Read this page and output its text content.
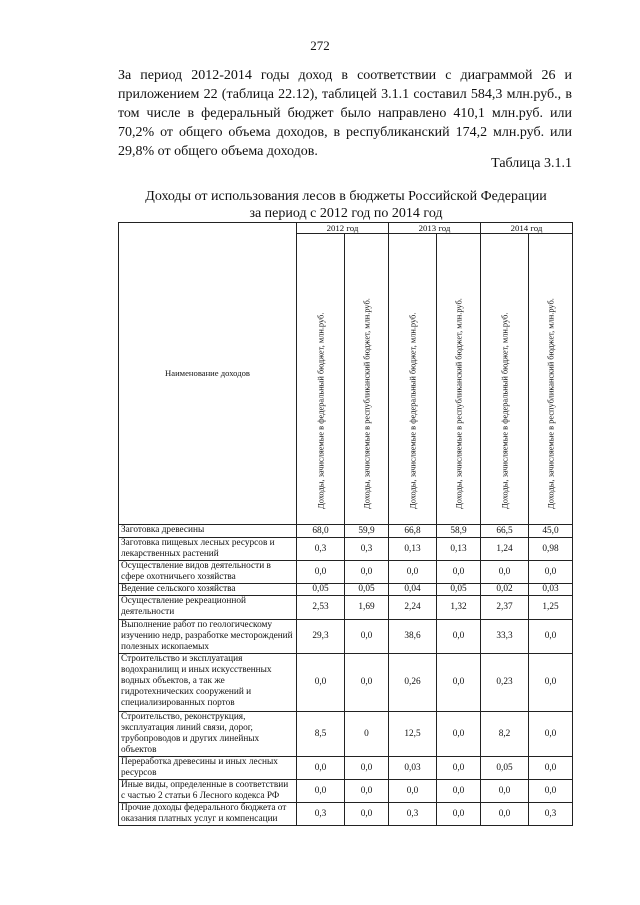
272

За период 2012-2014 годы доход в соответствии с диаграммой 26 и приложением 22 (таблица 22.12), таблицей 3.1.1 составил 584,3 млн.руб., в том числе в федеральный бюджет было направлено 410,1 млн.руб. или 70,2% от общего объема доходов, в республиканский 174,2 млн.руб. или 29,8% от общего объема доходов.

Таблица 3.1.1
Доходы от использования лесов в бюджеты Российской Федерации
за период с 2012 год по 2014 год
Наименование доходов	2012 год		2013 год		2014 год	

	Доходы, зачисляемые в федеральный бюджет, млн.руб.	Доходы, зачисляемые в республиканский бюджет, млн.руб.	Доходы, зачисляемые в федеральный бюджет, млн.руб.	Доходы, зачисляемые в республиканский бюджет, млн.руб.	Доходы, зачисляемые в федеральный бюджет, млн.руб.	Доходы, зачисляемые в республиканский бюджет, млн.руб.

Заготовка древесины	68,0	59,9	66,8	58,9	66,5	45,0
Заготовка пищевых лесных ресурсов и лекарственных растений	0,3	0,3	0,13	0,13	1,24	0,98
Осуществление видов деятельности в сфере охотничьего хозяйства	0,0	0,0	0,0	0,0	0,0	0,0
Ведение сельского хозяйства	0,05	0,05	0,04	0,05	0,02	0,03
Осуществление рекреационной деятельности	2,53	1,69	2,24	1,32	2,37	1,25
Выполнение работ по геологическому изучению недр, разработке месторождений полезных ископаемых	29,3	0,0	38,6	0,0	33,3	0,0
Строительство и эксплуатация водохранилищ и иных искусственных водных объектов, а так же гидротехнических сооружений и специализированных портов	0,0	0,0	0,26	0,0	0,23	0,0
Строительство, реконструкция, эксплуатация линий связи, дорог, трубопроводов и других линейных объектов	8,5	0	12,5	0,0	8,2	0,0
Переработка древесины и иных лесных ресурсов	0,0	0,0	0,03	0,0	0,05	0,0
Иные виды, определенные в соответствии с частью 2 статьи 6 Лесного кодекса РФ	0,0	0,0	0,0	0,0	0,0	0,0
Прочие доходы федерального бюджета от оказания платных услуг и компенсации	0,3	0,0	0,3	0,0	0,0	0,3
